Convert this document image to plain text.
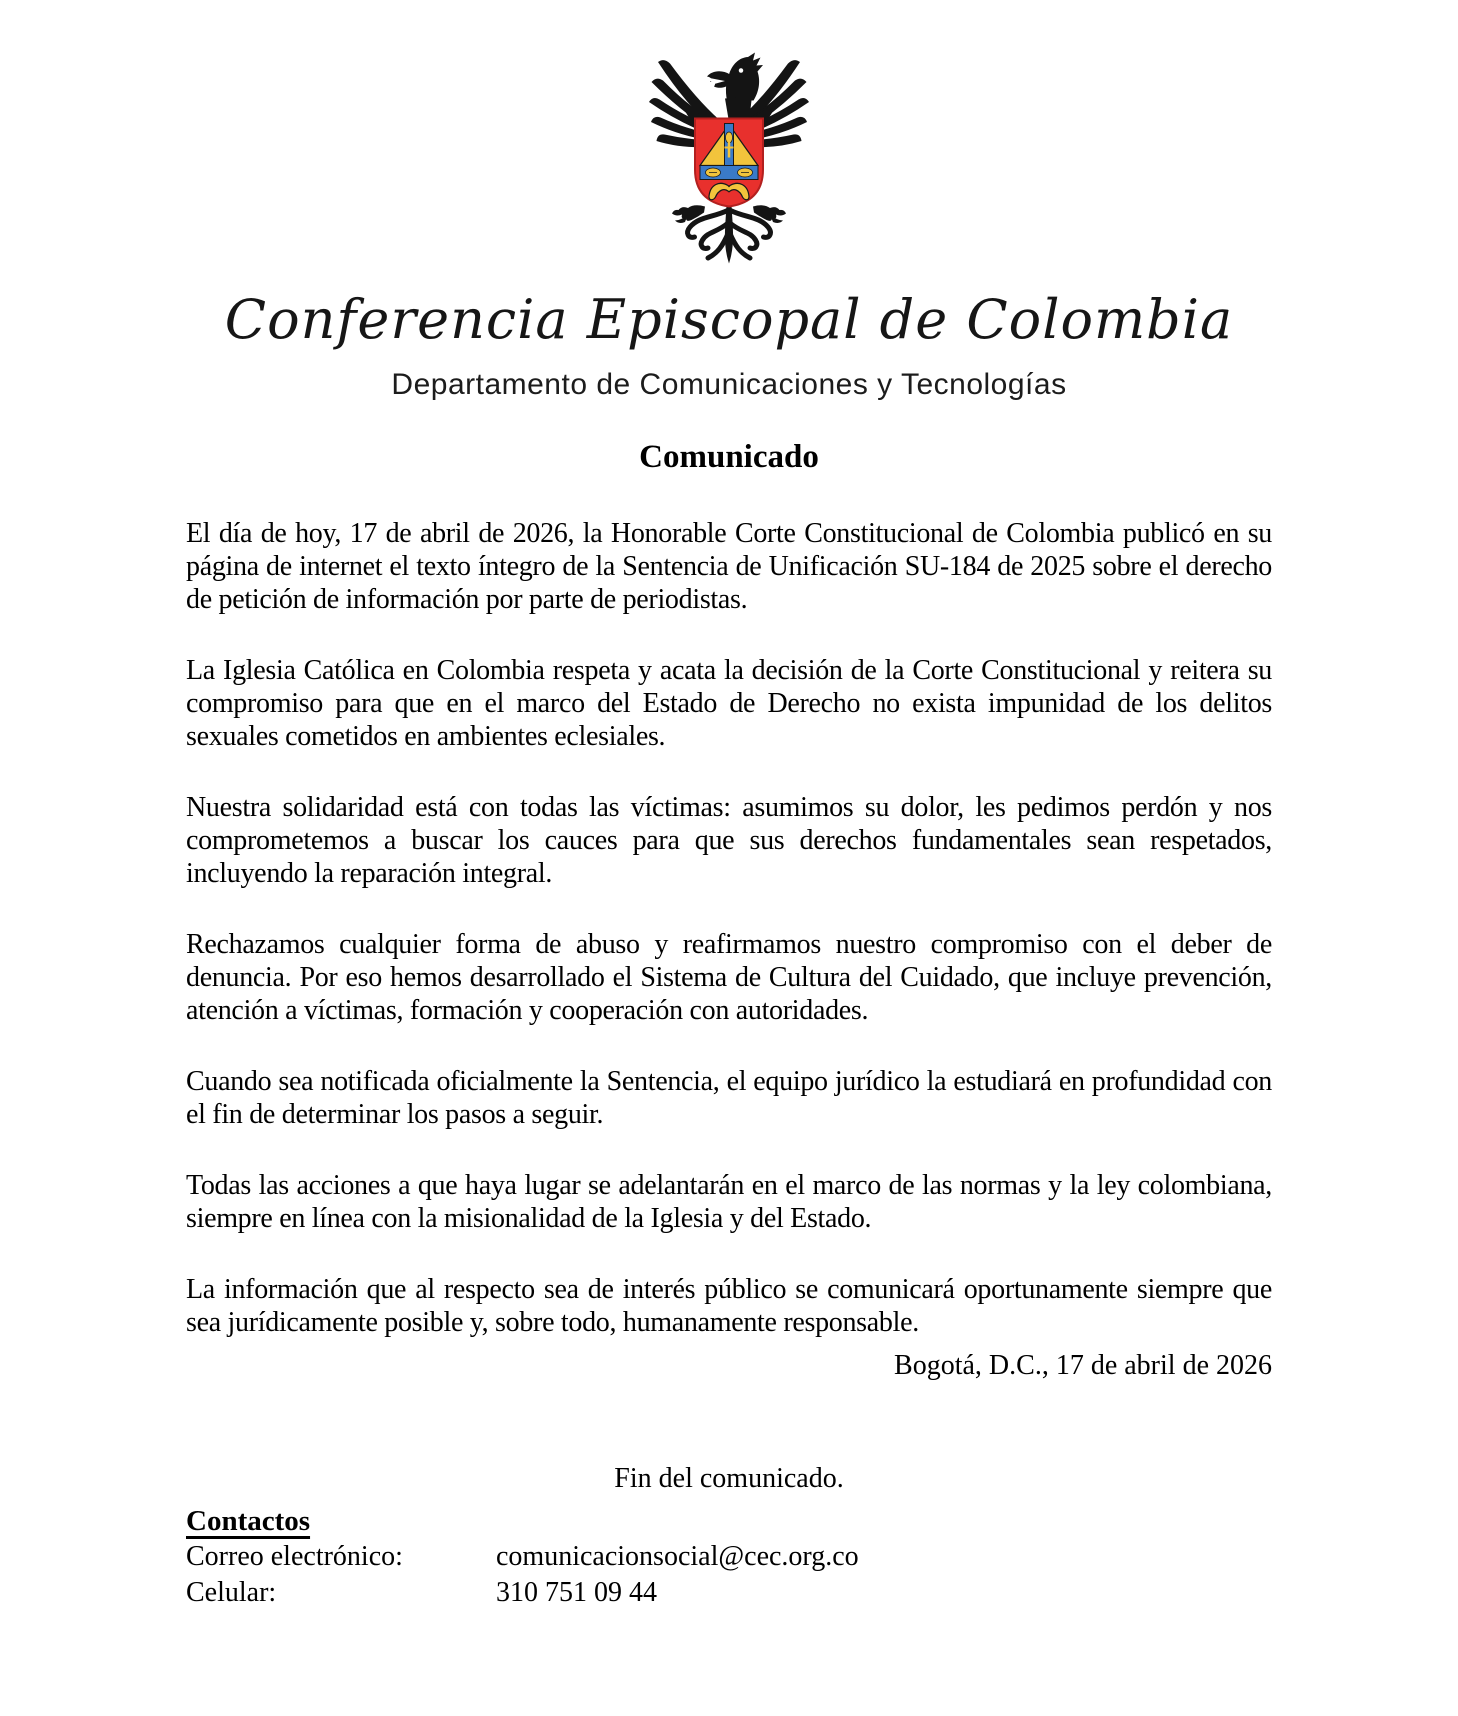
Conferencia Episcopal de Colombia
Departamento de Comunicaciones y Tecnologías
Comunicado

El día de hoy, 17 de abril de 2026, la Honorable Corte Constitucional de Colombia publicó en su página de internet el texto íntegro de la Sentencia de Unificación SU-184 de 2025 sobre el derecho de petición de información por parte de periodistas.

La Iglesia Católica en Colombia respeta y acata la decisión de la Corte Constitucional y reitera su compromiso para que en el marco del Estado de Derecho no exista impunidad de los delitos sexuales cometidos en ambientes eclesiales.

Nuestra solidaridad está con todas las víctimas: asumimos su dolor, les pedimos perdón y nos comprometemos a buscar los cauces para que sus derechos fundamentales sean respetados, incluyendo la reparación integral.

Rechazamos cualquier forma de abuso y reafirmamos nuestro compromiso con el deber de denuncia. Por eso hemos desarrollado el Sistema de Cultura del Cuidado, que incluye prevención, atención a víctimas, formación y cooperación con autoridades.

Cuando sea notificada oficialmente la Sentencia, el equipo jurídico la estudiará en profundidad con el fin de determinar los pasos a seguir.

Todas las acciones a que haya lugar se adelantarán en el marco de las normas y la ley colombiana, siempre en línea con la misionalidad de la Iglesia y del Estado.

La información que al respecto sea de interés público se comunicará oportunamente siempre que sea jurídicamente posible y, sobre todo, humanamente responsable.

Bogotá, D.C., 17 de abril de 2026
Fin del comunicado.
Contactos
Correo electrónico:	comunicacionsocial@cec.org.co
Celular:	310 751 09 44
